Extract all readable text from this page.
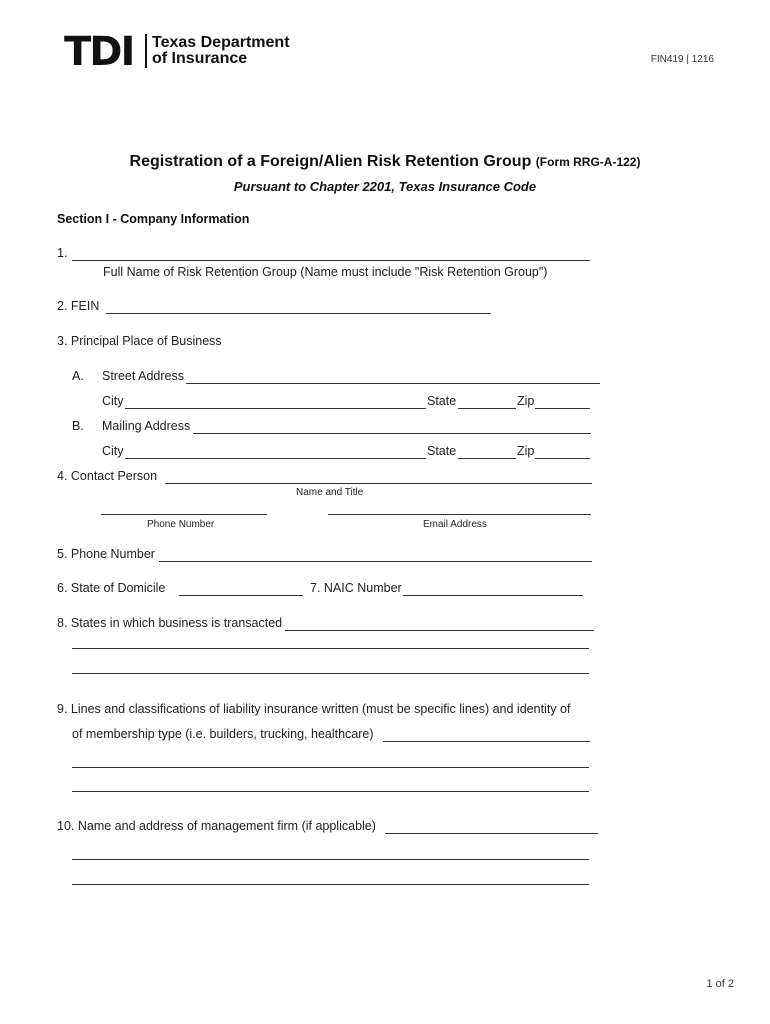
TDI Texas Department
of Insurance	FIN419 | 1216
Registration of a Foreign/Alien Risk Retention Group (Form RRG-A-122)
Pursuant to Chapter 2201, Texas Insurance Code
Section I - Company Information
1.
Full Name of Risk Retention Group (Name must include "Risk Retention Group")
2. FEIN
3. Principal Place of Business
A. Street Address
City	State	Zip
B. Mailing Address
City	State	Zip
4. Contact Person
Name and Title
Phone Number	Email Address
5. Phone Number
6. State of Domicile	7. NAIC Number
8. States in which business is transacted
9. Lines and classifications of liability insurance written (must be specific lines) and identity of
of membership type (i.e. builders, trucking, healthcare)
10. Name and address of management firm (if applicable)
1 of 2
